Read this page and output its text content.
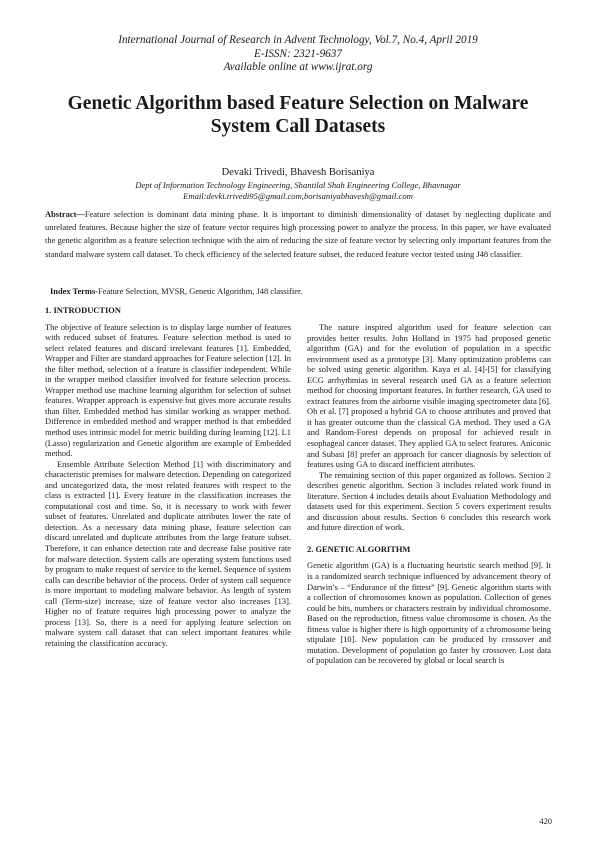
International Journal of Research in Advent Technology, Vol.7, No.4, April 2019
E-ISSN: 2321-9637
Available online at www.ijrat.org
Genetic Algorithm based Feature Selection on Malware
System Call Datasets
Devaki Trivedi, Bhavesh Borisaniya
Dept of Information Technology Engineering, Shantilal Shah Engineering College, Bhavnagar
Email:devki.trivedi95@gmail.com,borisaniyabhavesh@gmail.com
Abstract—Feature selection is dominant data mining phase. It is important to diminish dimensionality of dataset by neglecting duplicate and unrelated features. Because higher the size of feature vector requires high processing power to analyze the process. In this paper, we have evaluated the genetic algorithm as a feature selection technique with the aim of reducing the size of feature vector by selecting only important features from the standard malware system call dataset. To check efficiency of the selected feature subset, the reduced feature vector tested using J48 classifier.
Index Terms-Feature Selection, MVSR, Genetic Algorithm, J48 classifier.
1. INTRODUCTION

The objective of feature selection is to display large number of features with reduced subset of features. Feature selection method is used to select related features and discard irrelevant features [1]. Embedded, Wrapper and Filter are standard approaches for Feature selection [12]. In the filter method, selection of a feature is classifier independent. While in the wrapper method classifier involved for feature selection process. Wrapper method use machine learning algorithm for selection of subset features. Wrapper approach is expensive but gives more accurate results than filter. Embedded method has similar working as wrapper method. Difference in embedded method and wrapper method is that embedded method uses intrinsic model for metric building during learning [12]. L1 (Lasso) regularization and Genetic algorithm are example of Embedded method.

Ensemble Attribute Selection Method [1] with discriminatory and characteristic premises for malware detection. Depending on categorized and uncategorized data, the most related features with respect to the class is extracted [1]. Every feature in the classification increases the computational cost and time. So, it is necessary to work with fewer subset of features. Unrelated and duplicate attributes lower the rate of detection. As a necessary data mining phase, feature selection can discard unrelated and duplicate attributes from the large feature subset. Therefore, it can enhance detection rate and decrease false positive rate for malware detection. System calls are operating system functions used by program to make request of service to the kernel. Sequence of system calls can describe behavior of the process. Order of system call sequence is more important to modeling malware behavior. As length of system call (Term-size) increase, size of feature vector also increases [13]. Higher no of feature requires high processing power to analyze the process [13]. So, there is a need for applying feature selection on malware system call dataset that can select important features while retaining the classification accuracy.

The nature inspired algorithm used for feature selection can provides better results. John Holland in 1975 had proposed genetic algorithm (GA) and for the evolution of population in a specific environment used as a prototype [3]. Many optimization problems can be solved using genetic algorithm. Kaya et al. [4]-[5] for classifying ECG arrhythmias in several research used GA as a feature selection method for choosing important features. In further research, GA used to extract features from the airborne visible imaging spectrometer data [6]. Oh et al. [7] proposed a hybrid GA to choose attributes and proved that it has greater outcome than the classical GA method. They used a GA and Random-Forest depends on proposal for achieved result in esophageal cancer dataset. They applied GA to select features. Aniconic and Subasi [8] prefer an approach for cancer diagnosis by selection of features using GA to discard inefficient attributes.

The remaining section of this paper organized as follows. Section 2 describes genetic algorithm. Section 3 includes related work found in literature. Section 4 includes details about Evaluation Methodology and datasets used for this experiment. Section 5 covers experiment results and discussion about results. Section 6 concludes this research work and future direction of work.

2. GENETIC ALGORITHM

Genetic algorithm (GA) is a fluctuating heuristic search method [9]. It is a randomized search technique influenced by advancement theory of Darwin’s – “Endurance of the fittest” [9]. Genetic algorithm starts with a collection of chromosomes known as population. Collection of genes could be bits, numbers or characters restrain by individual chromosome. Based on the reproduction, fitness value chromosome is chosen. As the fitness value is higher there is high opportunity of a chromosome being stipulate [10]. New population can be produced by crossover and mutation. Development of population go faster by crossover. Lost data of population can be recovered by global or local search is

420
